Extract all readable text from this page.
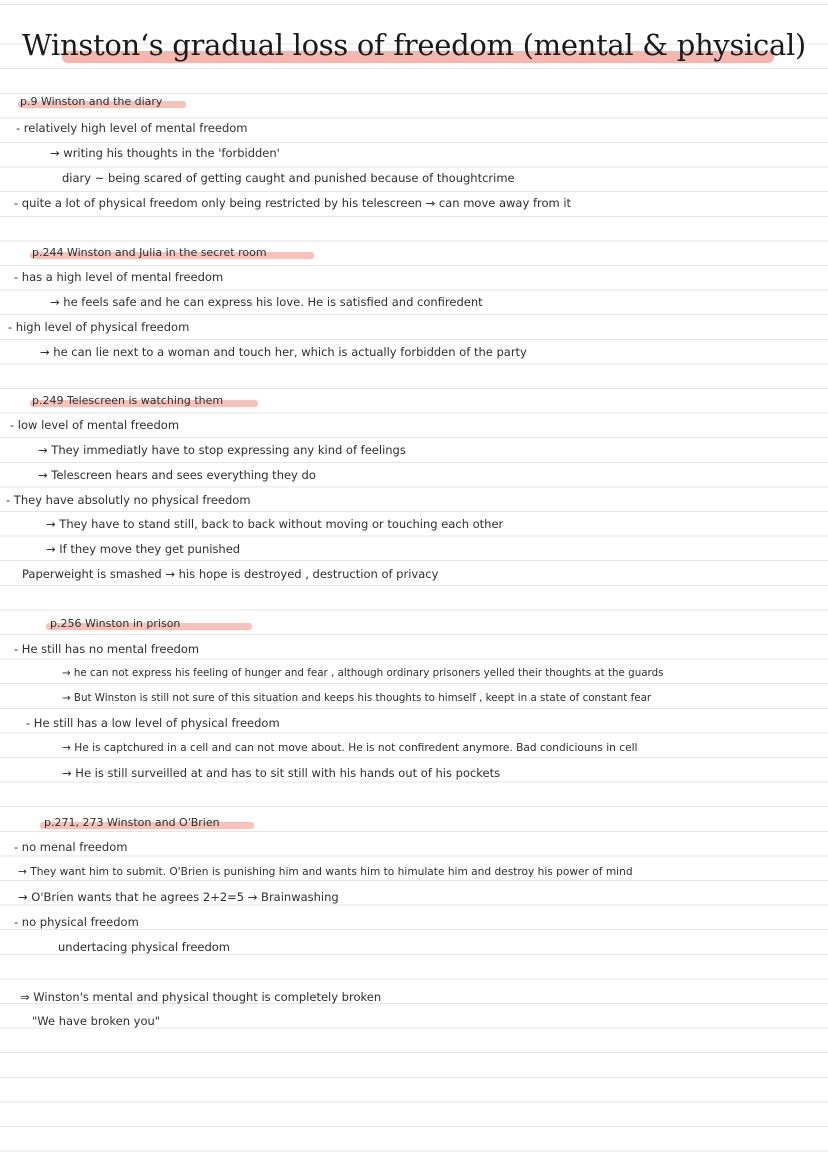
Winston‘s gradual loss of freedom (mental & physical)
p.9 Winston and the diary
- relatively high level of mental freedom
→ writing his thoughts in the 'forbidden'
diary ~ being scared of getting caught and punished because of thoughtcrime
- quite a lot of physical freedom only being restricted by his telescreen → can move away from it
p.244 Winston and Julia in the secret room
- has a high level of mental freedom
→ he feels safe and he can express his love. He is satisfied and confiredent
- high level of physical freedom
→ he can lie next to a woman and touch her, which is actually forbidden of the party
p.249 Telescreen is watching them
- low level of mental freedom
→ They immediatly have to stop expressing any kind of feelings
→ Telescreen hears and sees everything they do
- They have absolutly no physical freedom
→ They have to stand still, back to back without moving or touching each other
→ If they move they get punished
Paperweight is smashed → his hope is destroyed , destruction of privacy
p.256 Winston in prison
- He still has no mental freedom
→ he can not express his feeling of hunger and fear , although ordinary prisoners yelled their thoughts at the guards
→ But Winston is still not sure of this situation and keeps his thoughts to himself , keept in a state of constant fear
- He still has a low level of physical freedom
→ He is captchured in a cell and can not move about. He is not confiredent anymore. Bad condiciouns in cell
→ He is still surveilled at and has to sit still with his hands out of his pockets
p.271, 273 Winston and O'Brien
- no menal freedom
→ They want him to submit. O'Brien is punishing him and wants him to himulate him and destroy his power of mind
→ O'Brien wants that he agrees 2+2=5 → Brainwashing
- no physical freedom
undertacing physical freedom
⇒ Winston's mental and physical thought is completely broken
"We have broken you"
